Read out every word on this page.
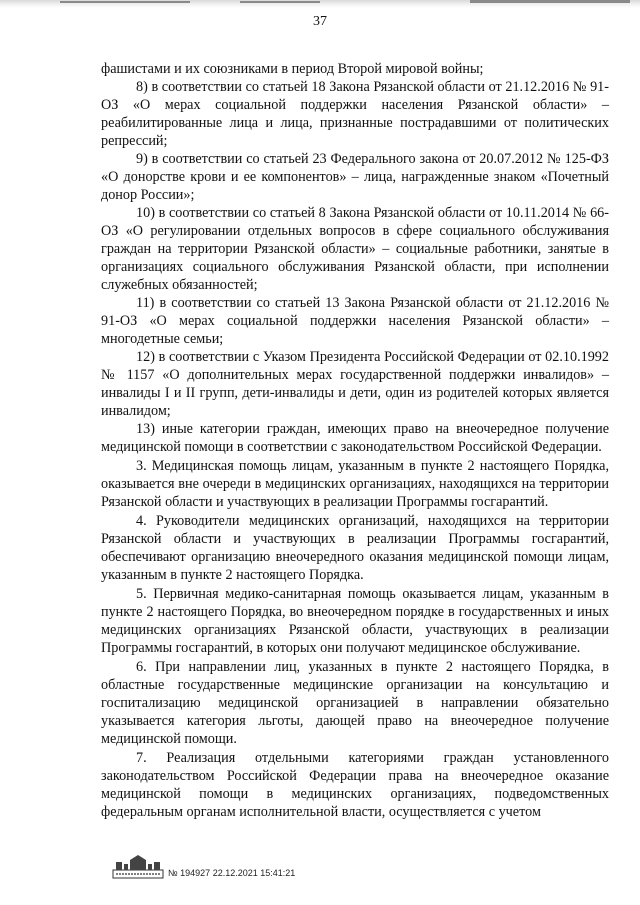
37

фашистами и их союзниками в период Второй мировой войны;

8) в соответствии со статьей 18 Закона Рязанской области от 21.12.2016 № 91-ОЗ «О мерах социальной поддержки населения Рязанской области» – реабилитированные лица и лица, признанные пострадавшими от политических репрессий;

9) в соответствии со статьей 23 Федерального закона от 20.07.2012 № 125-ФЗ «О донорстве крови и ее компонентов» – лица, награжденные знаком «Почетный донор России»;

10) в соответствии со статьей 8 Закона Рязанской области от 10.11.2014 № 66-ОЗ «О регулировании отдельных вопросов в сфере социального обслуживания граждан на территории Рязанской области» – социальные работники, занятые в организациях социального обслуживания Рязанской области, при исполнении служебных обязанностей;

11) в соответствии со статьей 13 Закона Рязанской области от 21.12.2016 № 91-ОЗ «О мерах социальной поддержки населения Рязанской области» – многодетные семьи;

12) в соответствии с Указом Президента Российской Федерации от 02.10.1992 № 1157 «О дополнительных мерах государственной поддержки инвалидов» – инвалиды I и II групп, дети-инвалиды и дети, один из родителей которых является инвалидом;

13) иные категории граждан, имеющих право на внеочередное получение медицинской помощи в соответствии с законодательством Российской Федерации.

3. Медицинская помощь лицам, указанным в пункте 2 настоящего Порядка, оказывается вне очереди в медицинских организациях, находящихся на территории Рязанской области и участвующих в реализации Программы госгарантий.

4. Руководители медицинских организаций, находящихся на территории Рязанской области и участвующих в реализации Программы госгарантий, обеспечивают организацию внеочередного оказания медицинской помощи лицам, указанным в пункте 2 настоящего Порядка.

5. Первичная медико-санитарная помощь оказывается лицам, указанным в пункте 2 настоящего Порядка, во внеочередном порядке в государственных и иных медицинских организациях Рязанской области, участвующих в реализации Программы госгарантий, в которых они получают медицинское обслуживание.

6. При направлении лиц, указанных в пункте 2 настоящего Порядка, в областные государственные медицинские организации на консультацию и госпитализацию медицинской организацией в направлении обязательно указывается категория льготы, дающей право на внеочередное получение медицинской помощи.

7. Реализация отдельными категориями граждан установленного законодательством Российской Федерации права на внеочередное оказание медицинской помощи в медицинских организациях, подведомственных федеральным органам исполнительной власти, осуществляется с учетом

№ 194927 22.12.2021 15:41:21
